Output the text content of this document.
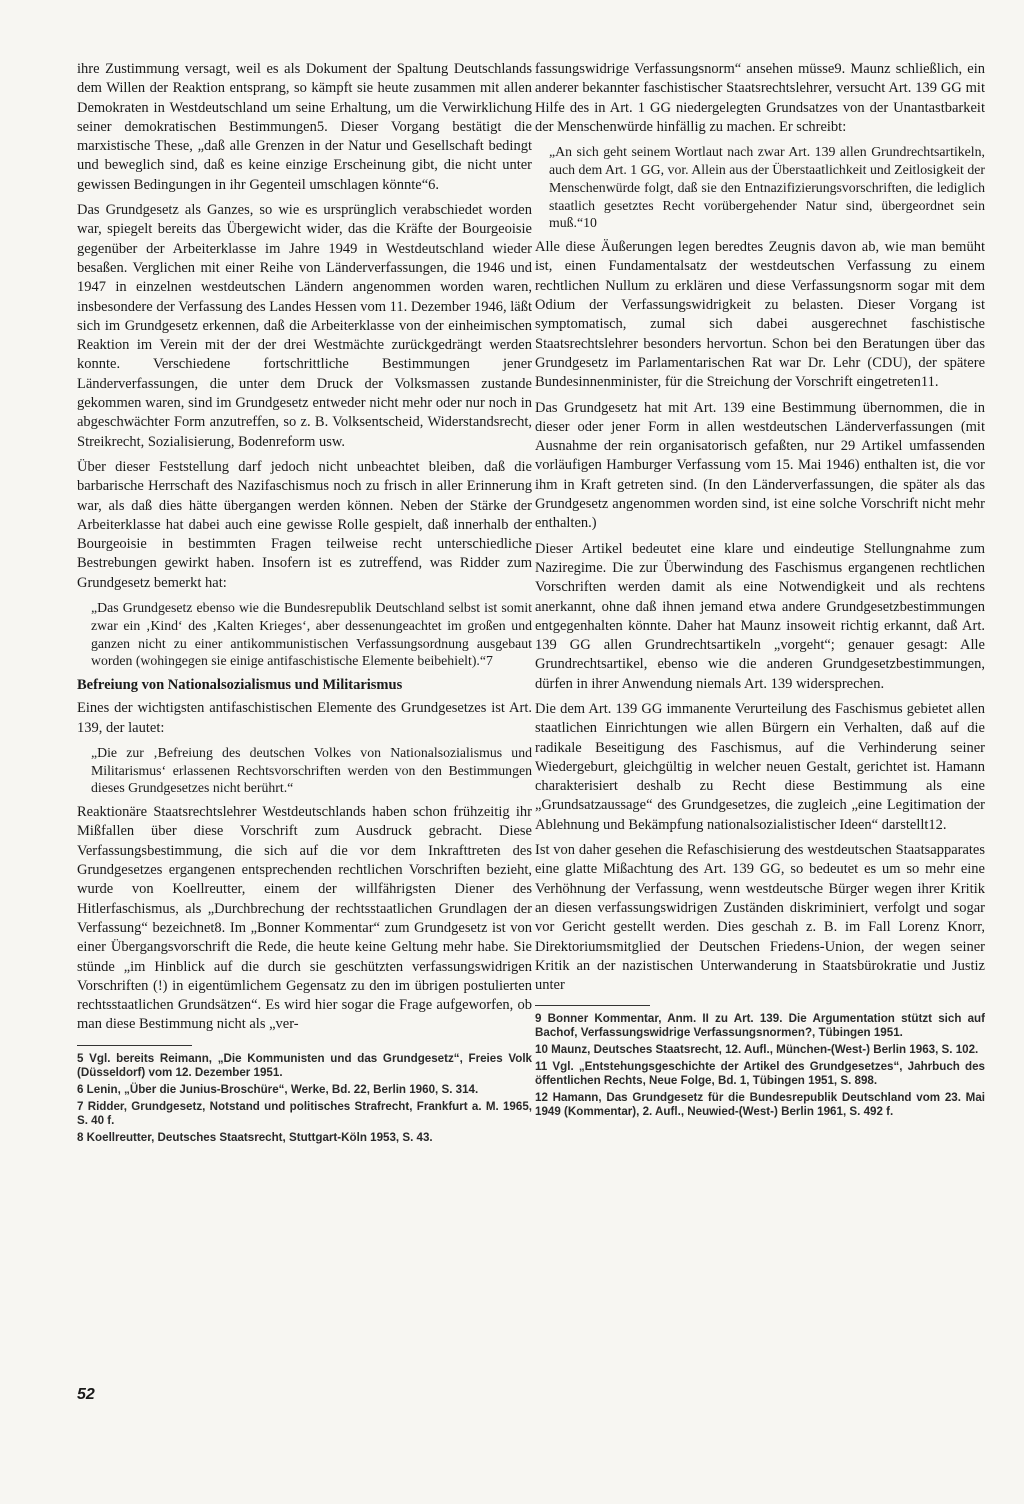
ihre Zustimmung versagt, weil es als Dokument der Spaltung Deutschlands dem Willen der Reaktion entsprang, so kämpft sie heute zusammen mit allen Demokraten in Westdeutschland um seine Erhaltung, um die Verwirklichung seiner demokratischen Bestimmungen5. Dieser Vorgang bestätigt die marxistische These, „daß alle Grenzen in der Natur und Gesellschaft bedingt und beweglich sind, daß es keine einzige Erscheinung gibt, die nicht unter gewissen Bedingungen in ihr Gegenteil umschlagen könnte“6.

Das Grundgesetz als Ganzes, so wie es ursprünglich verabschiedet worden war, spiegelt bereits das Übergewicht wider, das die Kräfte der Bourgeoisie gegenüber der Arbeiterklasse im Jahre 1949 in Westdeutschland wieder besaßen. Verglichen mit einer Reihe von Länderverfassungen, die 1946 und 1947 in einzelnen westdeutschen Ländern angenommen worden waren, insbesondere der Verfassung des Landes Hessen vom 11. Dezember 1946, läßt sich im Grundgesetz erkennen, daß die Arbeiterklasse von der einheimischen Reaktion im Verein mit der der drei Westmächte zurückgedrängt werden konnte. Verschiedene fortschrittliche Bestimmungen jener Länderverfassungen, die unter dem Druck der Volksmassen zustande gekommen waren, sind im Grundgesetz entweder nicht mehr oder nur noch in abgeschwächter Form anzutreffen, so z. B. Volksentscheid, Widerstandsrecht, Streikrecht, Sozialisierung, Bodenreform usw.

Über dieser Feststellung darf jedoch nicht unbeachtet bleiben, daß die barbarische Herrschaft des Nazifaschismus noch zu frisch in aller Erinnerung war, als daß dies hätte übergangen werden können. Neben der Stärke der Arbeiterklasse hat dabei auch eine gewisse Rolle gespielt, daß innerhalb der Bourgeoisie in bestimmten Fragen teilweise recht unterschiedliche Bestrebungen gewirkt haben. Insofern ist es zutreffend, was Ridder zum Grundgesetz bemerkt hat:

„Das Grundgesetz ebenso wie die Bundesrepublik Deutschland selbst ist somit zwar ein ‚Kind‘ des ‚Kalten Krieges‘, aber dessenungeachtet im großen und ganzen nicht zu einer antikommunistischen Verfassungsordnung ausgebaut worden (wohingegen sie einige antifaschistische Elemente beibehielt).“7

Befreiung von Nationalsozialismus und Militarismus

Eines der wichtigsten antifaschistischen Elemente des Grundgesetzes ist Art. 139, der lautet:

„Die zur ‚Befreiung des deutschen Volkes von Nationalsozialismus und Militarismus‘ erlassenen Rechtsvorschriften werden von den Bestimmungen dieses Grundgesetzes nicht berührt.“

Reaktionäre Staatsrechtslehrer Westdeutschlands haben schon frühzeitig ihr Mißfallen über diese Vorschrift zum Ausdruck gebracht. Diese Verfassungsbestimmung, die sich auf die vor dem Inkrafttreten des Grundgesetzes ergangenen entsprechenden rechtlichen Vorschriften bezieht, wurde von Koellreutter, einem der willfährigsten Diener des Hitlerfaschismus, als „Durchbrechung der rechtsstaatlichen Grundlagen der Verfassung“ bezeichnet8. Im „Bonner Kommentar“ zum Grundgesetz ist von einer Übergangsvorschrift die Rede, die heute keine Geltung mehr habe. Sie stünde „im Hinblick auf die durch sie geschützten verfassungswidrigen Vorschriften (!) in eigentümlichem Gegensatz zu den im übrigen postulierten rechtsstaatlichen Grundsätzen“. Es wird hier sogar die Frage aufgeworfen, ob man diese Bestimmung nicht als „ver-

5 Vgl. bereits Reimann, „Die Kommunisten und das Grundgesetz“, Freies Volk (Düsseldorf) vom 12. Dezember 1951.

6 Lenin, „Über die Junius-Broschüre“, Werke, Bd. 22, Berlin 1960, S. 314.

7 Ridder, Grundgesetz, Notstand und politisches Strafrecht, Frankfurt a. M. 1965, S. 40 f.

8 Koellreutter, Deutsches Staatsrecht, Stuttgart-Köln 1953, S. 43.

fassungswidrige Verfassungsnorm“ ansehen müsse9. Maunz schließlich, ein anderer bekannter faschistischer Staatsrechtslehrer, versucht Art. 139 GG mit Hilfe des in Art. 1 GG niedergelegten Grundsatzes von der Unantastbarkeit der Menschenwürde hinfällig zu machen. Er schreibt:

„An sich geht seinem Wortlaut nach zwar Art. 139 allen Grundrechtsartikeln, auch dem Art. 1 GG, vor. Allein aus der Überstaatlichkeit und Zeitlosigkeit der Menschenwürde folgt, daß sie den Entnazifizierungsvorschriften, die lediglich staatlich gesetztes Recht vorübergehender Natur sind, übergeordnet sein muß.“10

Alle diese Äußerungen legen beredtes Zeugnis davon ab, wie man bemüht ist, einen Fundamentalsatz der westdeutschen Verfassung zu einem rechtlichen Nullum zu erklären und diese Verfassungsnorm sogar mit dem Odium der Verfassungswidrigkeit zu belasten. Dieser Vorgang ist symptomatisch, zumal sich dabei ausgerechnet faschistische Staatsrechtslehrer besonders hervortun. Schon bei den Beratungen über das Grundgesetz im Parlamentarischen Rat war Dr. Lehr (CDU), der spätere Bundesinnenminister, für die Streichung der Vorschrift eingetreten11.

Das Grundgesetz hat mit Art. 139 eine Bestimmung übernommen, die in dieser oder jener Form in allen westdeutschen Länderverfassungen (mit Ausnahme der rein organisatorisch gefaßten, nur 29 Artikel umfassenden vorläufigen Hamburger Verfassung vom 15. Mai 1946) enthalten ist, die vor ihm in Kraft getreten sind. (In den Länderverfassungen, die später als das Grundgesetz angenommen worden sind, ist eine solche Vorschrift nicht mehr enthalten.)

Dieser Artikel bedeutet eine klare und eindeutige Stellungnahme zum Naziregime. Die zur Überwindung des Faschismus ergangenen rechtlichen Vorschriften werden damit als eine Notwendigkeit und als rechtens anerkannt, ohne daß ihnen jemand etwa andere Grundgesetzbestimmungen entgegenhalten könnte. Daher hat Maunz insoweit richtig erkannt, daß Art. 139 GG allen Grundrechtsartikeln „vorgeht“; genauer gesagt: Alle Grundrechtsartikel, ebenso wie die anderen Grundgesetzbestimmungen, dürfen in ihrer Anwendung niemals Art. 139 widersprechen.

Die dem Art. 139 GG immanente Verurteilung des Faschismus gebietet allen staatlichen Einrichtungen wie allen Bürgern ein Verhalten, daß auf die radikale Beseitigung des Faschismus, auf die Verhinderung seiner Wiedergeburt, gleichgültig in welcher neuen Gestalt, gerichtet ist. Hamann charakterisiert deshalb zu Recht diese Bestimmung als eine „Grundsatzaussage“ des Grundgesetzes, die zugleich „eine Legitimation der Ablehnung und Bekämpfung nationalsozialistischer Ideen“ darstellt12.

Ist von daher gesehen die Refaschisierung des westdeutschen Staatsapparates eine glatte Mißachtung des Art. 139 GG, so bedeutet es um so mehr eine Verhöhnung der Verfassung, wenn westdeutsche Bürger wegen ihrer Kritik an diesen verfassungswidrigen Zuständen diskriminiert, verfolgt und sogar vor Gericht gestellt werden. Dies geschah z. B. im Fall Lorenz Knorr, Direktoriumsmitglied der Deutschen Friedens-Union, der wegen seiner Kritik an der nazistischen Unterwanderung in Staatsbürokratie und Justiz unter

9 Bonner Kommentar, Anm. II zu Art. 139. Die Argumentation stützt sich auf Bachof, Verfassungswidrige Verfassungsnormen?, Tübingen 1951.

10 Maunz, Deutsches Staatsrecht, 12. Aufl., München-(West-) Berlin 1963, S. 102.

11 Vgl. „Entstehungsgeschichte der Artikel des Grundgesetzes“, Jahrbuch des öffentlichen Rechts, Neue Folge, Bd. 1, Tübingen 1951, S. 898.

12 Hamann, Das Grundgesetz für die Bundesrepublik Deutschland vom 23. Mai 1949 (Kommentar), 2. Aufl., Neuwied-(West-) Berlin 1961, S. 492 f.

52
